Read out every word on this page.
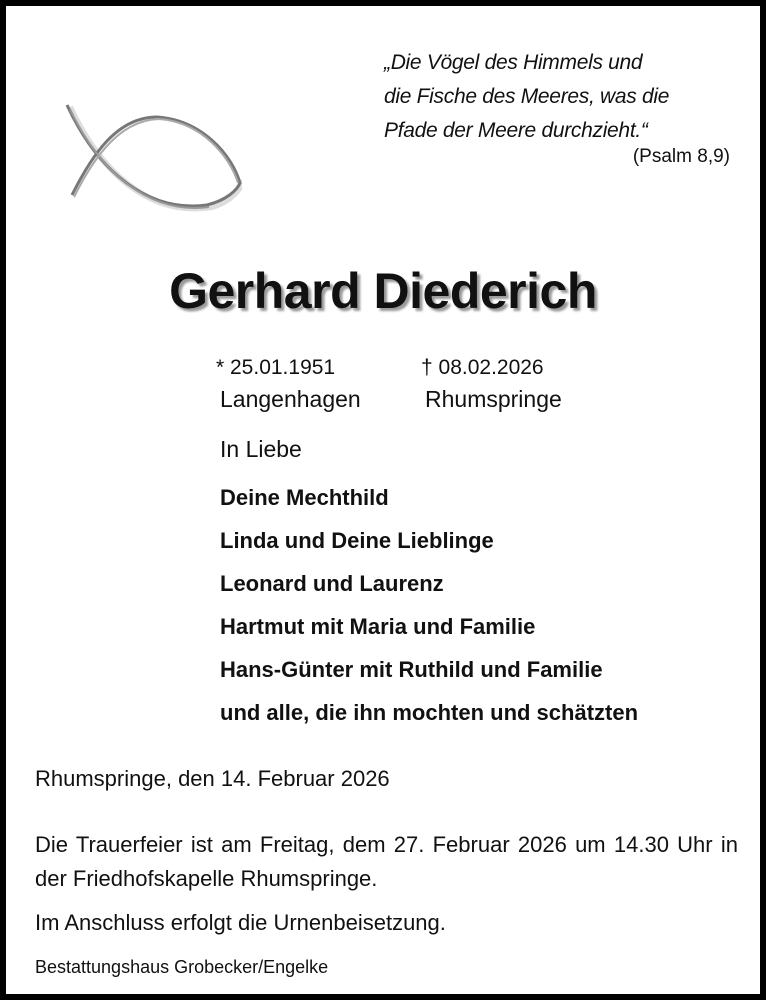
„Die Vögel des Himmels und
die Fische des Meeres, was die
Pfade der Meere durchzieht.“
(Psalm 8,9)
Gerhard Diederich
* 25.01.1951	† 08.02.2026
Langenhagen	Rhumspringe
In Liebe
Deine Mechthild
Linda und Deine Lieblinge
Leonard und Laurenz
Hartmut mit Maria und Familie
Hans-Günter mit Ruthild und Familie
und alle, die ihn mochten und schätzten
Rhumspringe, den 14. Februar 2026
Die Trauerfeier ist am Freitag, dem 27. Februar 2026 um 14.30 Uhr in der Friedhofskapelle Rhumspringe.
Im Anschluss erfolgt die Urnenbeisetzung.
Bestattungshaus Grobecker/Engelke
